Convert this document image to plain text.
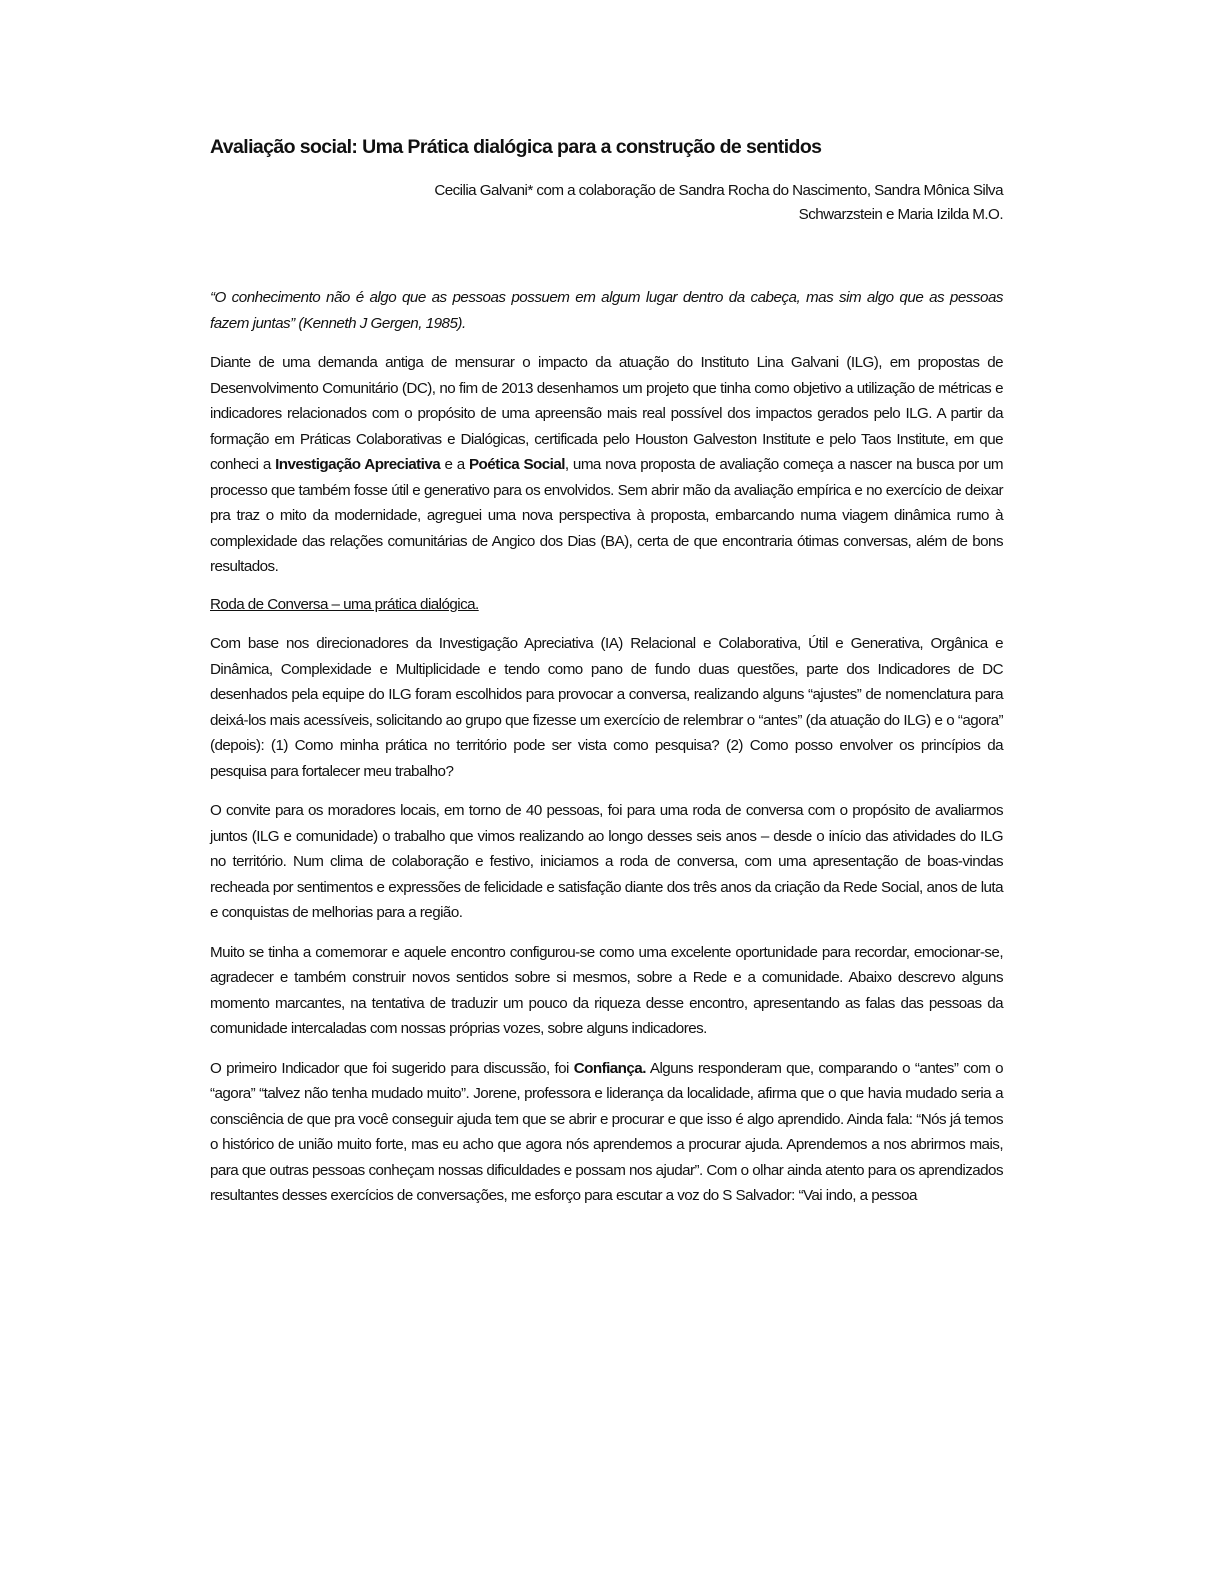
Avaliação social: Uma Prática dialógica para a construção de sentidos
Cecilia Galvani* com a colaboração de Sandra Rocha do Nascimento, Sandra Mônica Silva
Schwarzstein e Maria Izilda M.O.

“O conhecimento não é algo que as pessoas possuem em algum lugar dentro da cabeça, mas sim algo que as pessoas fazem juntas” (Kenneth J Gergen, 1985).

Diante de uma demanda antiga de mensurar o impacto da atuação do Instituto Lina Galvani (ILG), em propostas de Desenvolvimento Comunitário (DC), no fim de 2013 desenhamos um projeto que tinha como objetivo a utilização de métricas e indicadores relacionados com o propósito de uma apreensão mais real possível dos impactos gerados pelo ILG. A partir da formação em Práticas Colaborativas e Dialógicas, certificada pelo Houston Galveston Institute e pelo Taos Institute, em que conheci a Investigação Apreciativa e a Poética Social, uma nova proposta de avaliação começa a nascer na busca por um processo que também fosse útil e generativo para os envolvidos. Sem abrir mão da avaliação empírica e no exercício de deixar pra traz o mito da modernidade, agreguei uma nova perspectiva à proposta, embarcando numa viagem dinâmica rumo à complexidade das relações comunitárias de Angico dos Dias (BA), certa de que encontraria ótimas conversas, além de bons resultados.

Roda de Conversa – uma prática dialógica.

Com base nos direcionadores da Investigação Apreciativa (IA) Relacional e Colaborativa, Útil e Generativa, Orgânica e Dinâmica, Complexidade e Multiplicidade e tendo como pano de fundo duas questões, parte dos Indicadores de DC desenhados pela equipe do ILG foram escolhidos para provocar a conversa, realizando alguns “ajustes” de nomenclatura para deixá-los mais acessíveis, solicitando ao grupo que fizesse um exercício de relembrar o “antes” (da atuação do ILG) e o “agora” (depois): (1) Como minha prática no território pode ser vista como pesquisa? (2) Como posso envolver os princípios da pesquisa para fortalecer meu trabalho?

O convite para os moradores locais, em torno de 40 pessoas, foi para uma roda de conversa com o propósito de avaliarmos juntos (ILG e comunidade) o trabalho que vimos realizando ao longo desses seis anos – desde o início das atividades do ILG no território. Num clima de colaboração e festivo, iniciamos a roda de conversa, com uma apresentação de boas-vindas recheada por sentimentos e expressões de felicidade e satisfação diante dos três anos da criação da Rede Social, anos de luta e conquistas de melhorias para a região.

Muito se tinha a comemorar e aquele encontro configurou-se como uma excelente oportunidade para recordar, emocionar-se, agradecer e também construir novos sentidos sobre si mesmos, sobre a Rede e a comunidade. Abaixo descrevo alguns momento marcantes, na tentativa de traduzir um pouco da riqueza desse encontro, apresentando as falas das pessoas da comunidade intercaladas com nossas próprias vozes, sobre alguns indicadores.

O primeiro Indicador que foi sugerido para discussão, foi Confiança. Alguns responderam que, comparando o “antes” com o “agora” “talvez não tenha mudado muito”. Jorene, professora e liderança da localidade, afirma que o que havia mudado seria a consciência de que pra você conseguir ajuda tem que se abrir e procurar e que isso é algo aprendido. Ainda fala: “Nós já temos o histórico de união muito forte, mas eu acho que agora nós aprendemos a procurar ajuda. Aprendemos a nos abrirmos mais, para que outras pessoas conheçam nossas dificuldades e possam nos ajudar”. Com o olhar ainda atento para os aprendizados resultantes desses exercícios de conversações, me esforço para escutar a voz do S Salvador: “Vai indo, a pessoa
